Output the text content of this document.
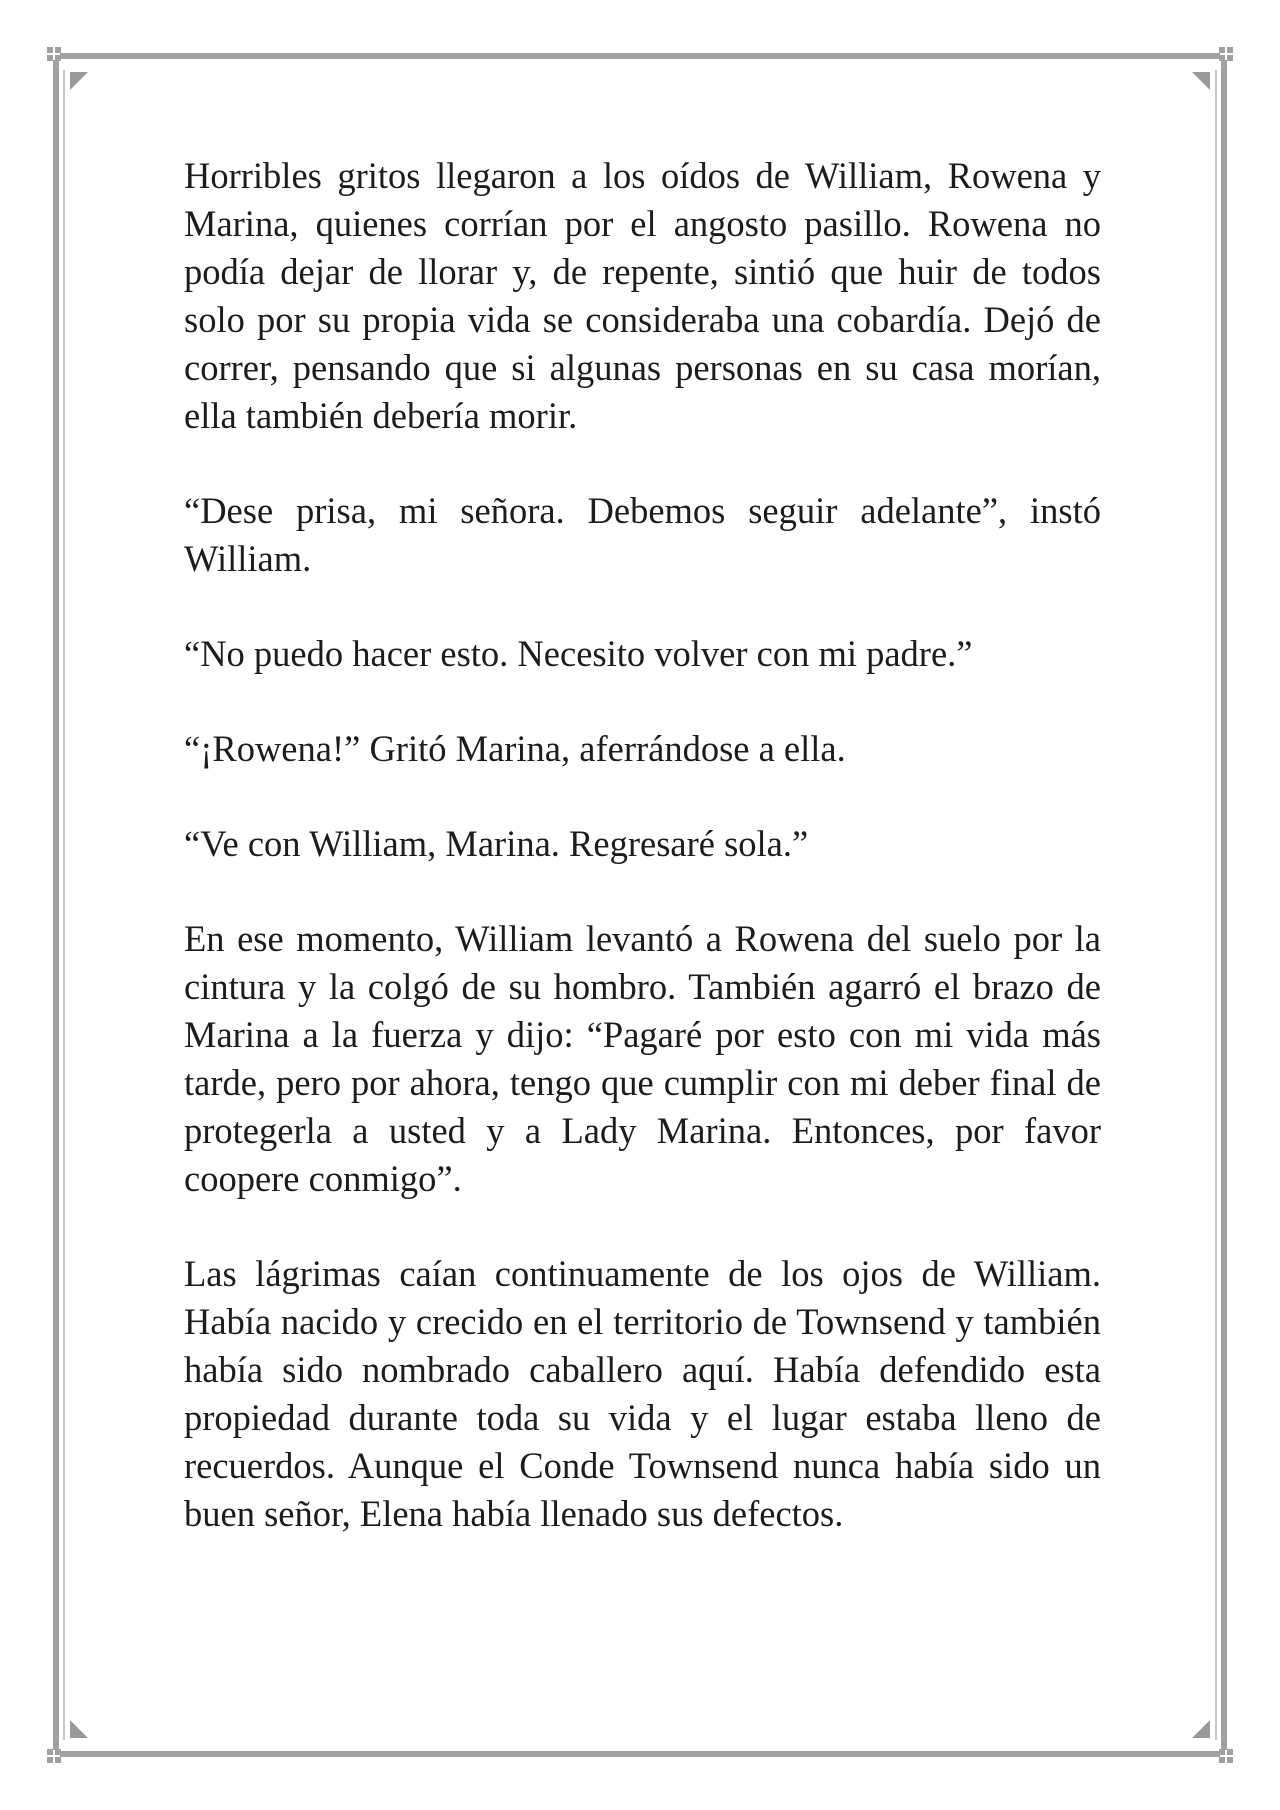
Horribles gritos llegaron a los oídos de William, Rowena y Marina, quienes corrían por el angosto pasillo. Rowena no podía dejar de llorar y, de repente, sintió que huir de todos solo por su propia vida se consideraba una cobardía. Dejó de correr, pensando que si algunas personas en su casa morían, ella también debería morir.

“Dese prisa, mi señora. Debemos seguir adelante”, instó William.

“No puedo hacer esto. Necesito volver con mi padre.”

“¡Rowena!” Gritó Marina, aferrándose a ella.

“Ve con William, Marina. Regresaré sola.”

En ese momento, William levantó a Rowena del suelo por la cintura y la colgó de su hombro. También agarró el brazo de Marina a la fuerza y dijo: “Pagaré por esto con mi vida más tarde, pero por ahora, tengo que cumplir con mi deber final de protegerla a usted y a Lady Marina. Entonces, por favor coopere conmigo”.

Las lágrimas caían continuamente de los ojos de William. Había nacido y crecido en el territorio de Townsend y también había sido nombrado caballero aquí. Había defendido esta propiedad durante toda su vida y el lugar estaba lleno de recuerdos. Aunque el Conde Townsend nunca había sido un buen señor, Elena había llenado sus defectos.
